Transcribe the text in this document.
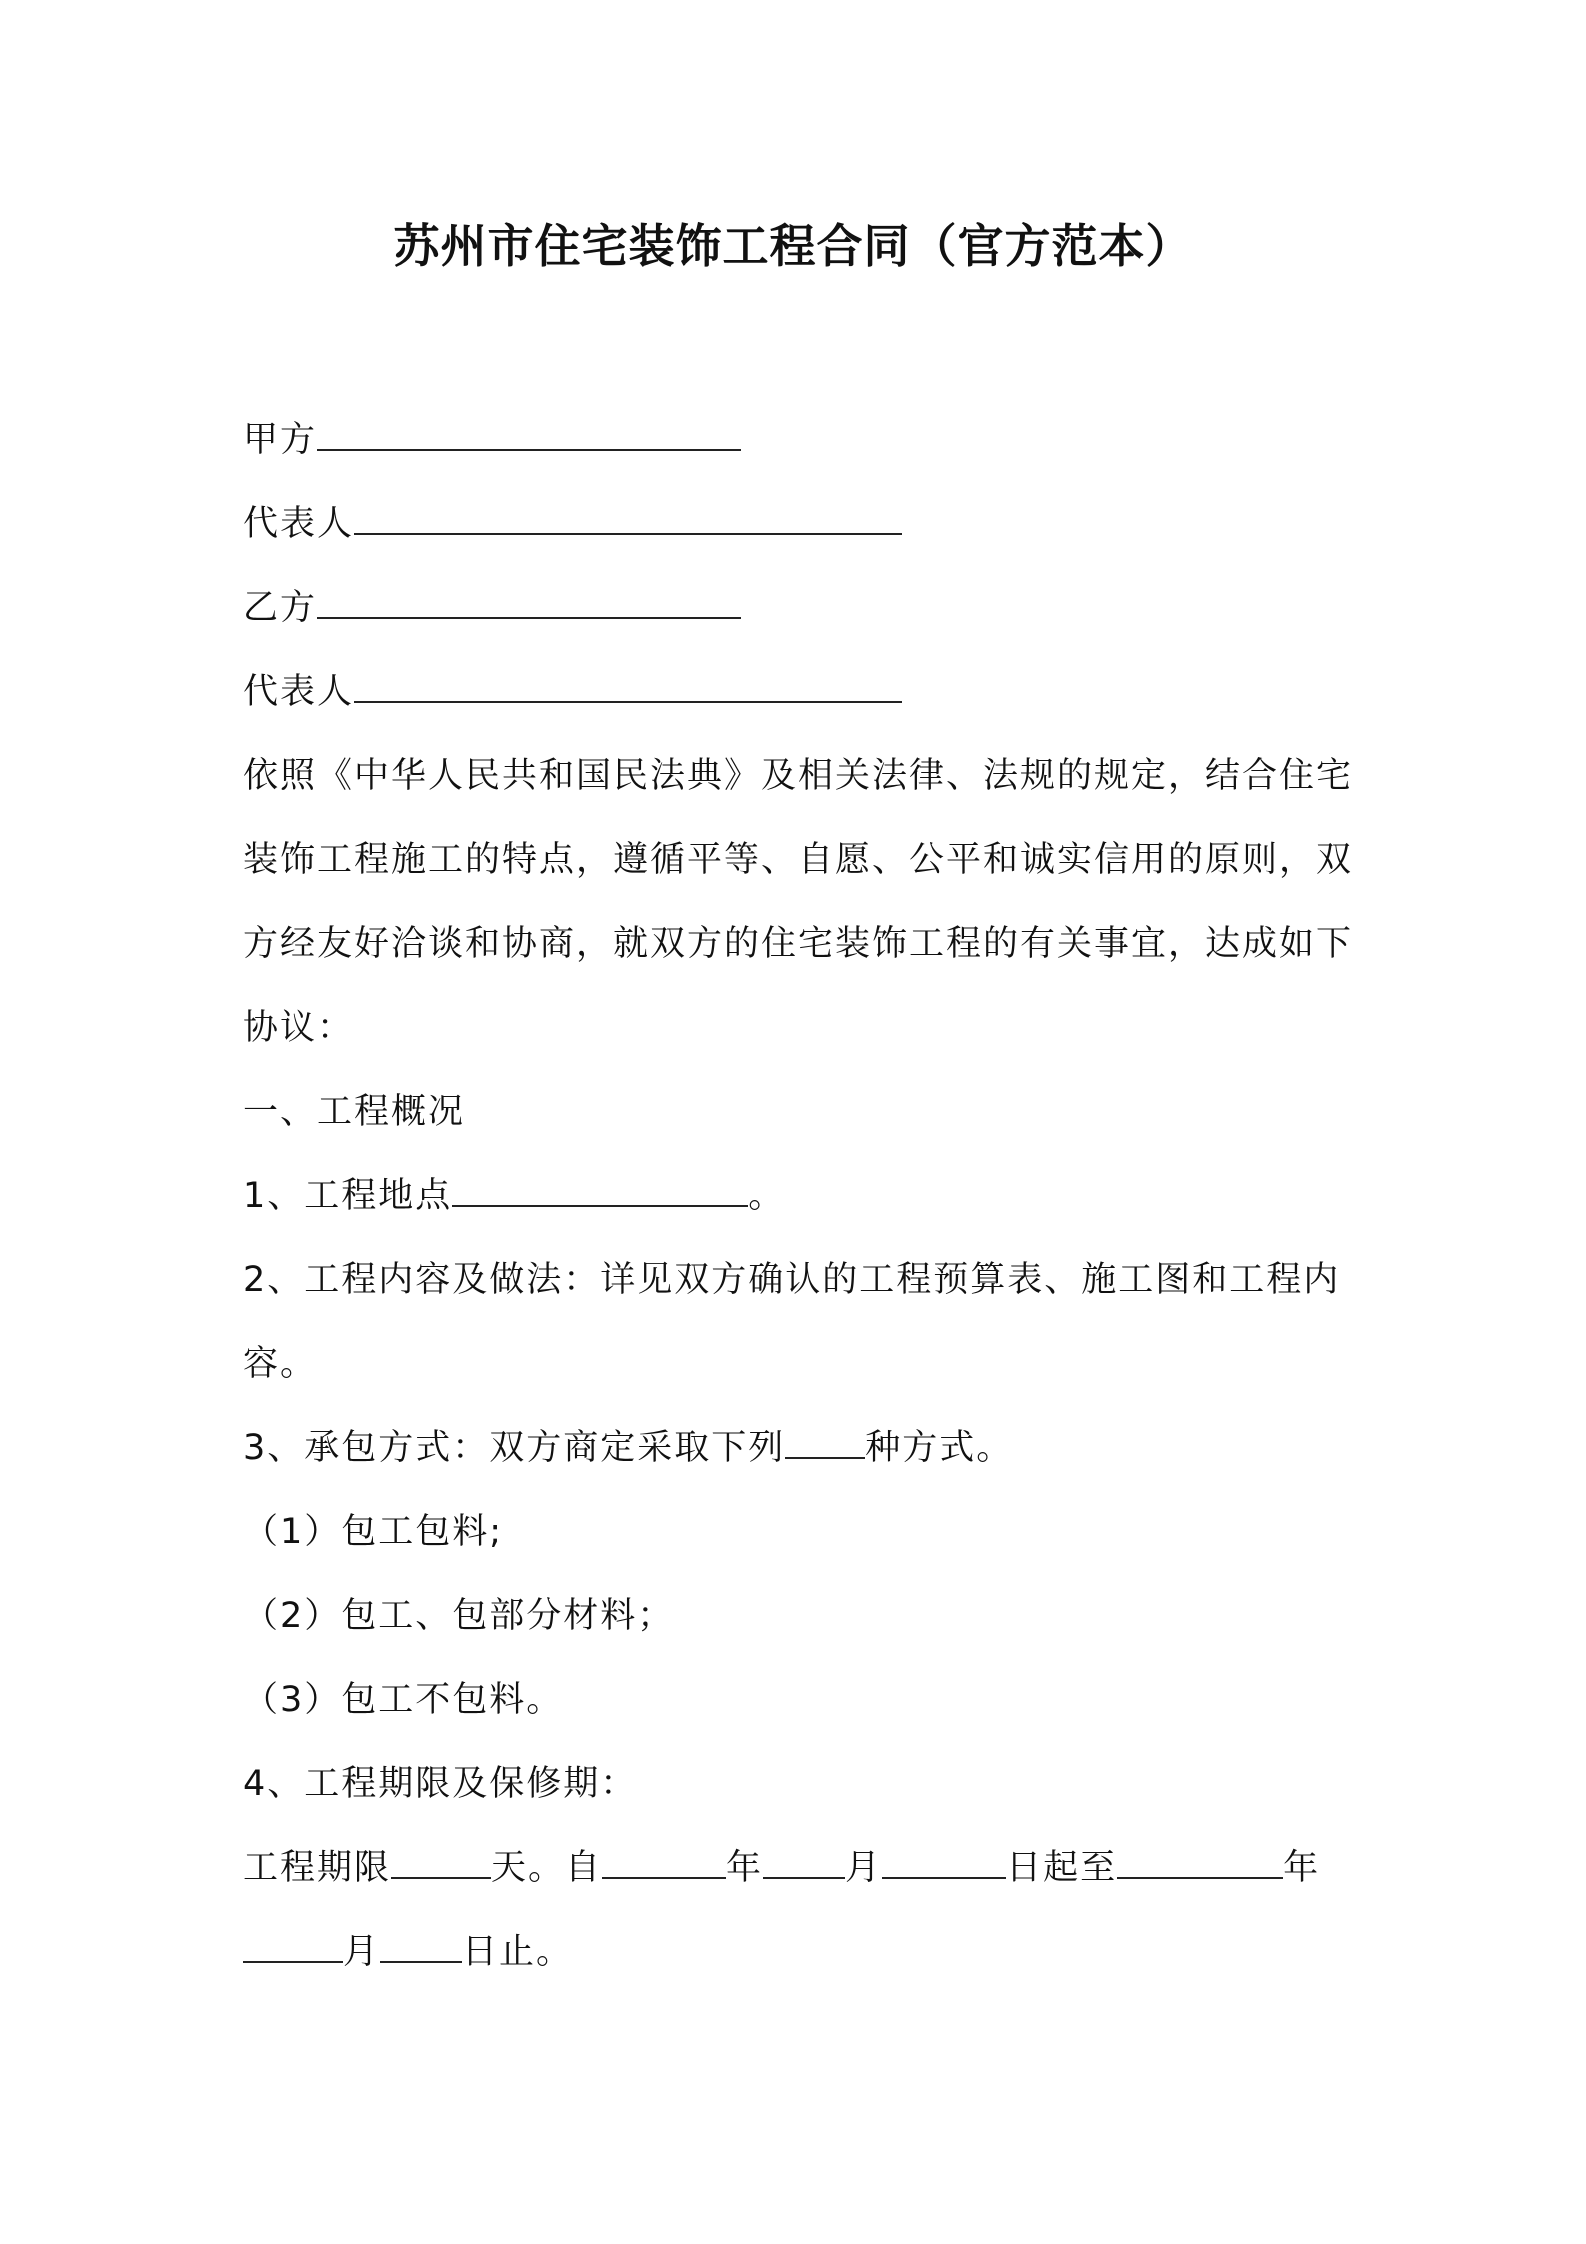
苏州市住宅装饰工程合同（官方范本）
甲方
代表人
乙方
代表人
依照《中华人民共和国民法典》及相关法律、法规的规定，结合住宅
装饰工程施工的特点，遵循平等、自愿、公平和诚实信用的原则，双
方经友好洽谈和协商，就双方的住宅装饰工程的有关事宜，达成如下
协议：
一、工程概况
1、工程地点	。
2、工程内容及做法：详见双方确认的工程预算表、施工图和工程内
容。
3、承包方式：双方商定采取下列 种方式。
（1）包工包料;
（2）包工、包部分材料；
（3）包工不包料。
4、工程期限及保修期：
工程期限	天。自	年 月	日起至	年
月 日止。
